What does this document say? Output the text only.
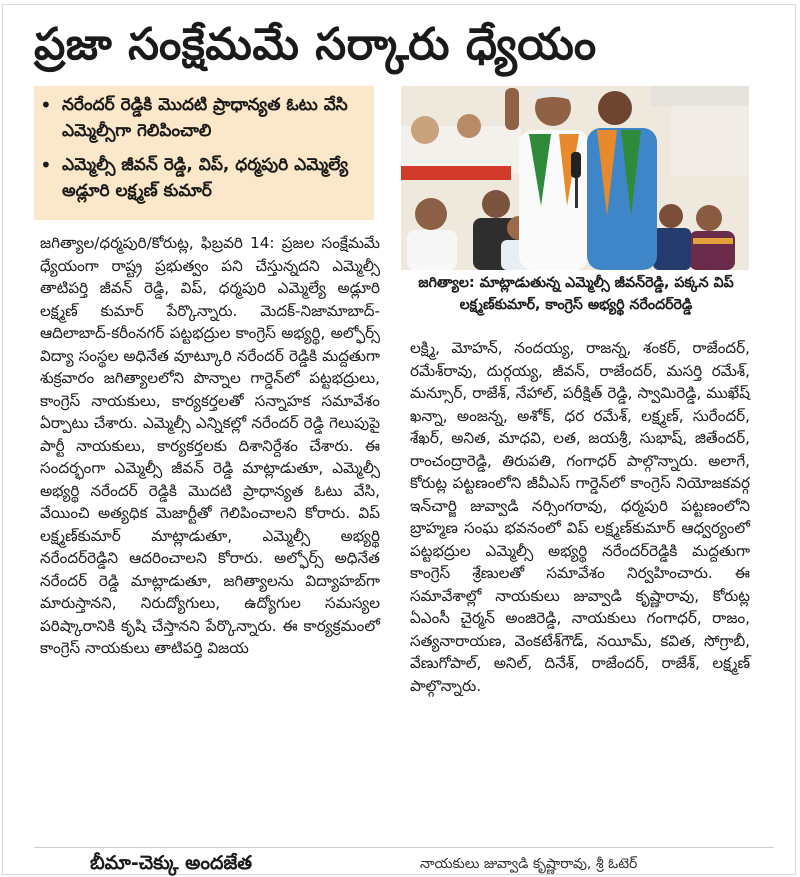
ప్రజా సంక్షేమమే సర్కారు ధ్యేయం
• నరేందర్ రెడ్డికి మొదటి ప్రాధాన్యత ఓటు వేసి ఎమ్మెల్సీగా గెలిపించాలి
• ఎమ్మెల్సీ జీవన్ రెడ్డి, విప్, ధర్మపురి ఎమ్మెల్యే అడ్లూరి లక్ష్మణ్ కుమార్
జగిత్యాల/ధర్మపురి/కోరుట్ల, ఫిబ్రవరి 14: ప్రజల సంక్షేమమే ధ్యేయంగా రాష్ట్ర ప్రభుత్వం పని చేస్తున్నదని ఎమ్మెల్సీ తాటిపర్తి జీవన్ రెడ్డి, విప్, ధర్మపురి ఎమ్మెల్యే అడ్లూరి లక్ష్మణ్ కుమార్ పేర్కొన్నారు. మెదక్-నిజామాబాద్-ఆదిలాబాద్-కరీంనగర్ పట్టభద్రుల కాంగ్రెస్ అభ్యర్థి, అల్ఫోర్స్ విద్యా సంస్థల అధినేత వూట్కూరి నరేందర్ రెడ్డికి మద్దతుగా శుక్రవారం జగిత్యాలలోని పొన్నాల గార్డెన్‌లో పట్టభద్రులు, కాంగ్రెస్ నాయకులు, కార్యకర్తలతో సన్నాహక సమావేశం ఏర్పాటు చేశారు. ఎమ్మెల్సీ ఎన్నికల్లో నరేందర్ రెడ్డి గెలుపుపై పార్టీ నాయకులు, కార్యకర్తలకు దిశానిర్దేశం చేశారు. ఈ సందర్భంగా ఎమ్మెల్సీ జీవన్ రెడ్డి మాట్లాడుతూ, ఎమ్మెల్సీ అభ్యర్థి నరేందర్ రెడ్డికి మొదటి ప్రాధాన్యత ఓటు వేసి, వేయించి అత్యధిక మెజార్టీతో గెలిపించాలని కోరారు. విప్ లక్ష్మణ్‌కుమార్ మాట్లాడుతూ, ఎమ్మెల్సీ అభ్యర్థి నరేందర్‌రెడ్డిని ఆదరించాలని కోరారు. అల్ఫోర్స్ అధినేత నరేందర్ రెడ్డి మాట్లాడుతూ, జగిత్యాలను విద్యాహబ్‌గా మారుస్తానని, నిరుద్యోగులు, ఉద్యోగుల సమస్యల పరిష్కారానికి కృషి చేస్తానని పేర్కొన్నారు. ఈ కార్యక్రమంలో కాంగ్రెస్ నాయకులు తాటిపర్తి విజయ
జగిత్యాల: మాట్లాడుతున్న ఎమ్మెల్సీ జీవన్‌రెడ్డి, పక్కన విప్ లక్ష్మణ్‌కుమార్, కాంగ్రెస్ అభ్యర్థి నరేందర్‌రెడ్డి
లక్ష్మి, మోహన్, నందయ్య, రాజన్న, శంకర్, రాజేందర్, రమేశ్‌రావు, దుర్గయ్య, జీవన్, రాజేందర్, మసర్తి రమేశ్, మన్సూర్, రాజేశ్, నేహాల్, పరీక్షిత్ రెడ్డి, స్వామిరెడ్డి, ముఖేష్ ఖన్నా, అంజన్న, అశోక్, ధర రమేశ్, లక్ష్మణ్, సురేందర్, శేఖర్, అనిత, మాధవి, లత, జయశ్రీ, సుభాష్, జితేందర్, రాంచంద్రారెడ్డి, తిరుపతి, గంగాధర్ పాల్గొన్నారు. అలాగే, కోరుట్ల పట్టణంలోని జీవీఎస్ గార్డెన్‌లో కాంగ్రెస్ నియోజకవర్గ ఇన్‌చార్జి జువ్వాడి నర్సింగరావు, ధర్మపురి పట్టణంలోని బ్రాహ్మణ సంఘ భవనంలో విప్ లక్ష్మణ్‌కుమార్ ఆధ్వర్యంలో పట్టభద్రుల ఎమ్మెల్సీ అభ్యర్థి నరేందర్‌రెడ్డికి మద్దతుగా కాంగ్రెస్ శ్రేణులతో సమావేశం నిర్వహించారు. ఈ సమావేశాల్లో నాయకులు జువ్వాడి కృష్ణారావు, కోరుట్ల ఏఎంసీ చైర్మన్ అంజిరెడ్డి, నాయకులు గంగాధర్, రాజం, సత్యనారాయణ, వెంకటేశ్‌గౌడ్, నయీమ్, కవిత, సోగ్రాబీ, వేణుగోపాల్, అనిల్, దినేశ్, రాజేందర్, రాజేశ్, లక్ష్మణ్ పాల్గొన్నారు.
బీమా-చెక్కు అందజేత	నాయకులు జువ్వాడి కృష్ణారావు, శ్రీ ఓటెర్
